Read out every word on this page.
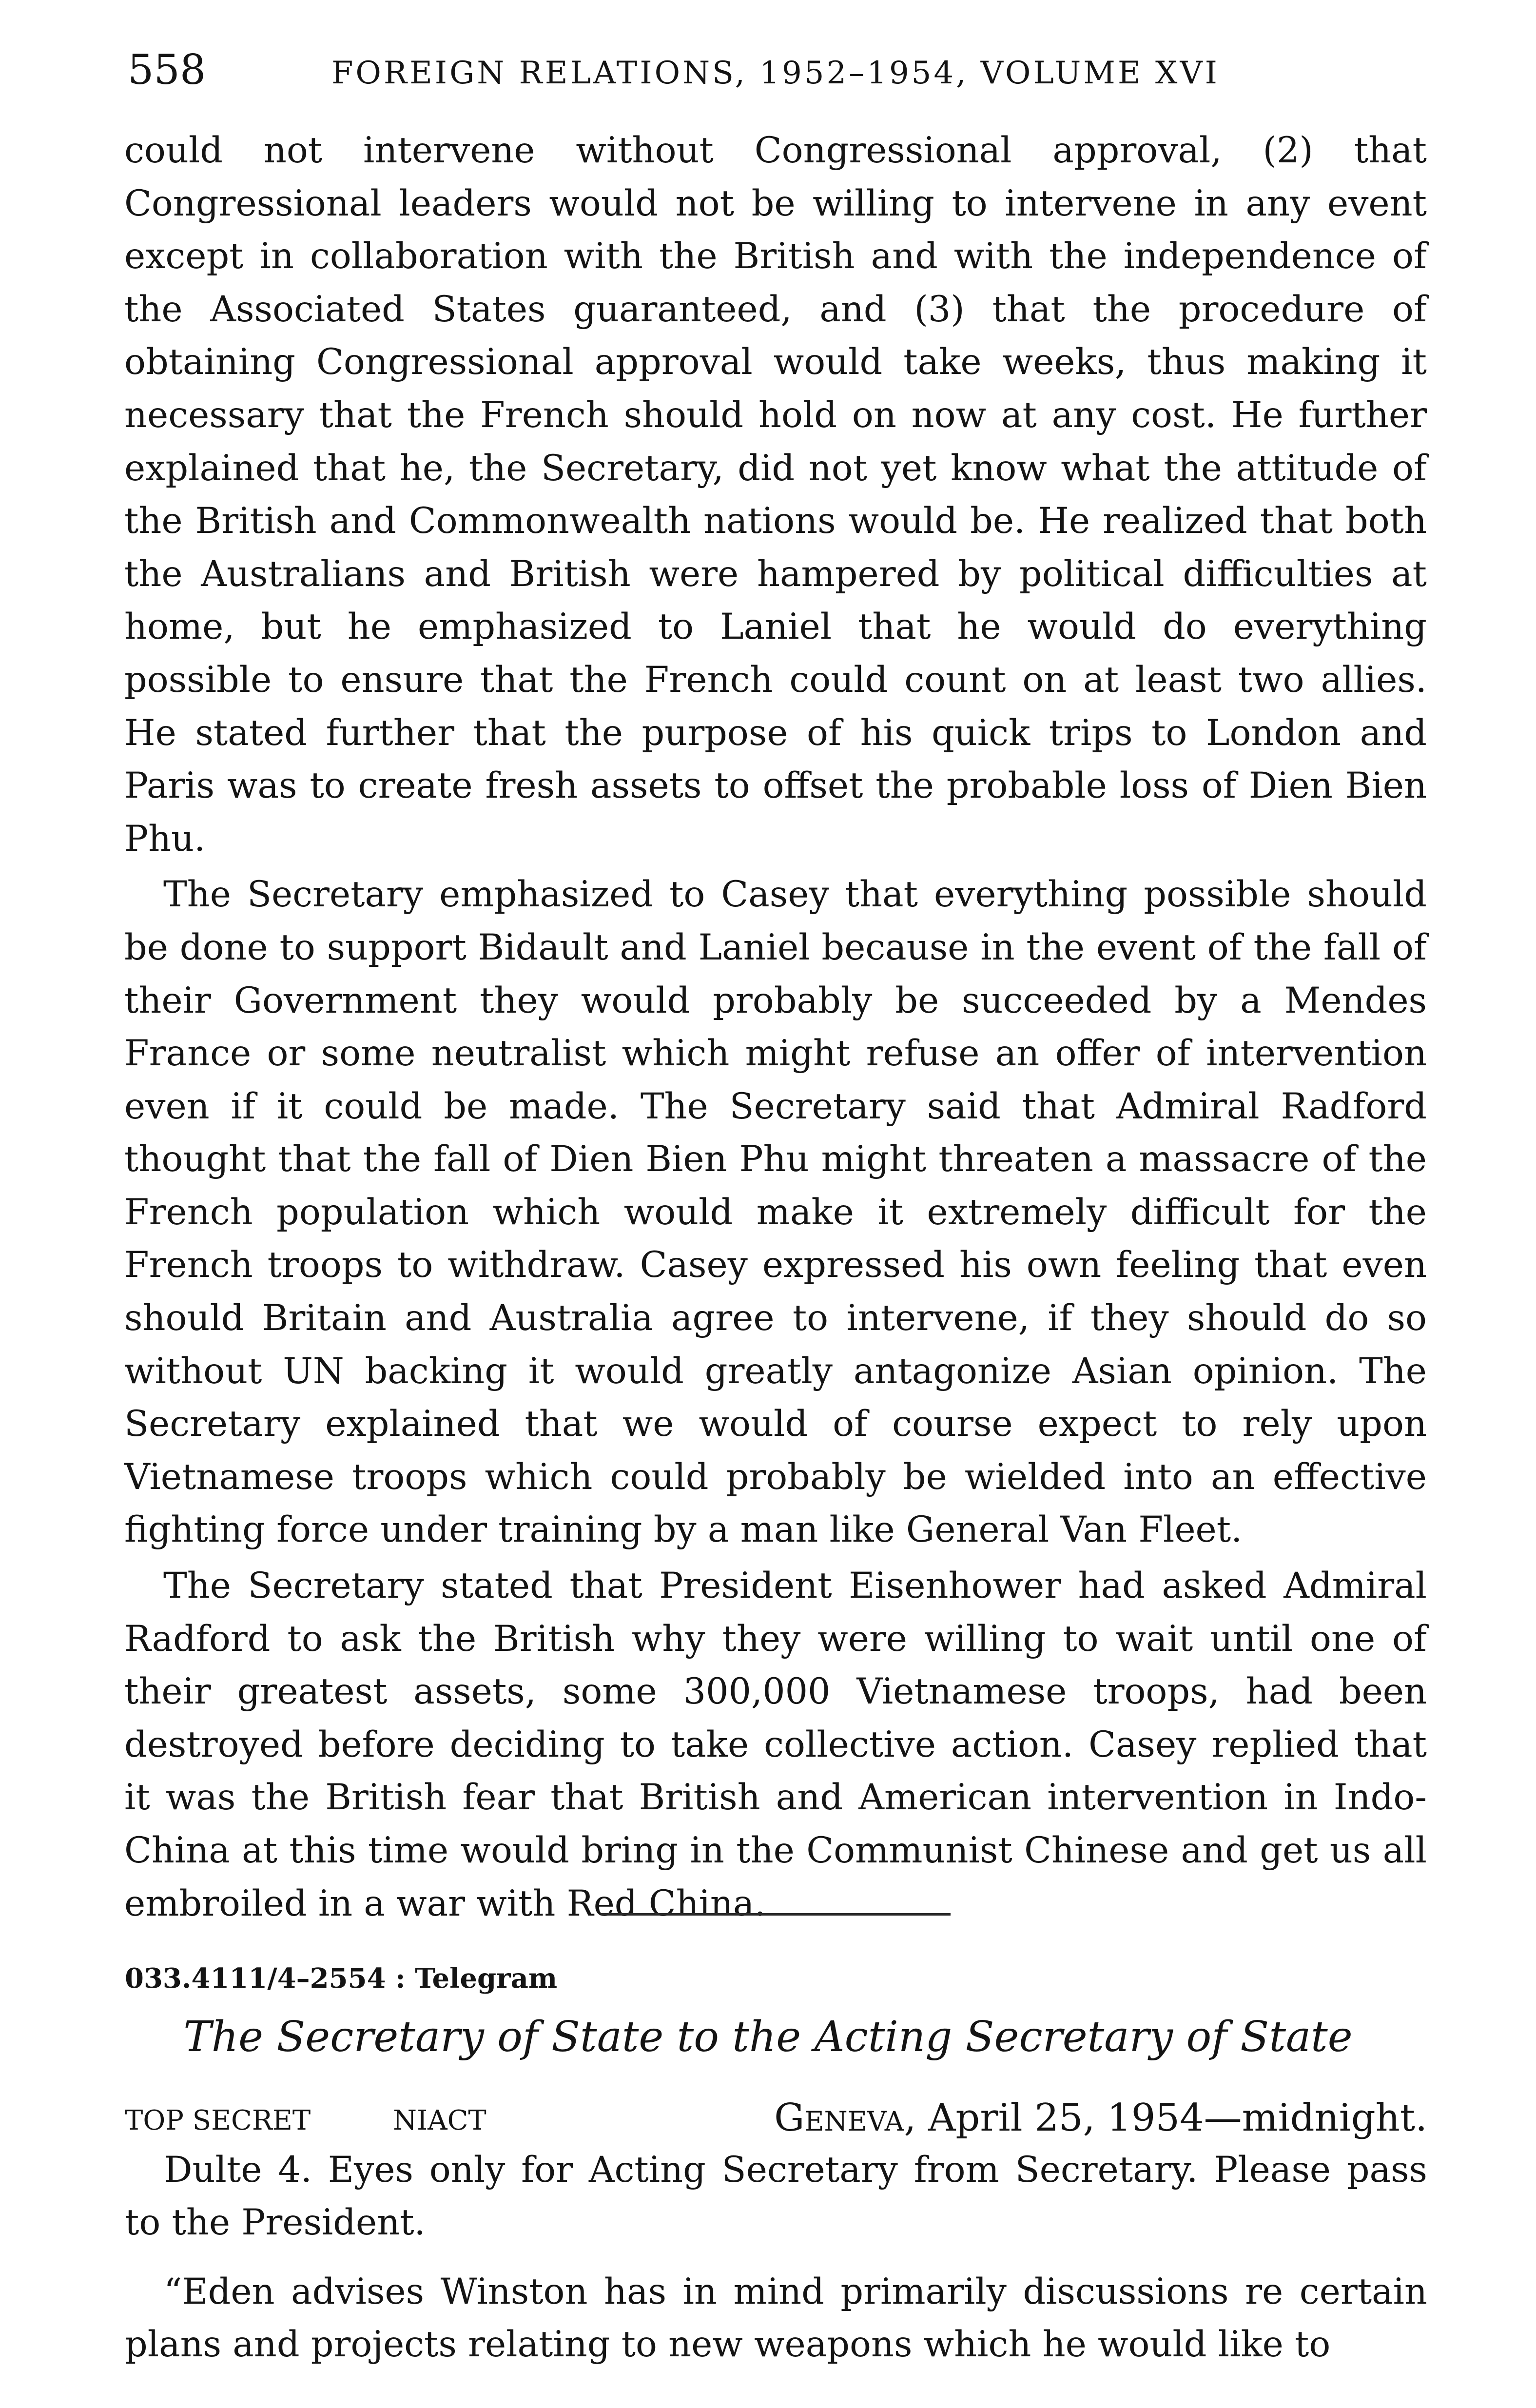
558	FOREIGN RELATIONS, 1952–1954, VOLUME XVI

could not intervene without Congressional approval, (2) that Congressional leaders would not be willing to intervene in any event except in collaboration with the British and with the independence of the Associated States guaranteed, and (3) that the procedure of obtaining Congressional approval would take weeks, thus making it necessary that the French should hold on now at any cost. He further explained that he, the Secretary, did not yet know what the attitude of the British and Commonwealth nations would be. He realized that both the Australians and British were hampered by political difficulties at home, but he emphasized to Laniel that he would do everything possible to ensure that the French could count on at least two allies. He stated further that the purpose of his quick trips to London and Paris was to create fresh assets to offset the probable loss of Dien Bien Phu.

The Secretary emphasized to Casey that everything possible should be done to support Bidault and Laniel because in the event of the fall of their Government they would probably be succeeded by a Mendes France or some neutralist which might refuse an offer of intervention even if it could be made. The Secretary said that Admiral Radford thought that the fall of Dien Bien Phu might threaten a massacre of the French population which would make it extremely difficult for the French troops to withdraw. Casey expressed his own feeling that even should Britain and Australia agree to intervene, if they should do so without UN backing it would greatly antagonize Asian opinion. The Secretary explained that we would of course expect to rely upon Vietnamese troops which could probably be wielded into an effective fighting force under training by a man like General Van Fleet.

The Secretary stated that President Eisenhower had asked Admiral Radford to ask the British why they were willing to wait until one of their greatest assets, some 300,000 Vietnamese troops, had been destroyed before deciding to take collective action. Casey replied that it was the British fear that British and American intervention in Indo-China at this time would bring in the Communist Chinese and get us all embroiled in a war with Red China.

033.4111/4–2554 : Telegram
The Secretary of State to the Acting Secretary of State
TOP SECRET	NIACT	Geneva, April 25, 1954—midnight.

Dulte 4. Eyes only for Acting Secretary from Secretary. Please pass to the President.

“Eden advises Winston has in mind primarily discussions re certain plans and projects relating to new weapons which he would like to
